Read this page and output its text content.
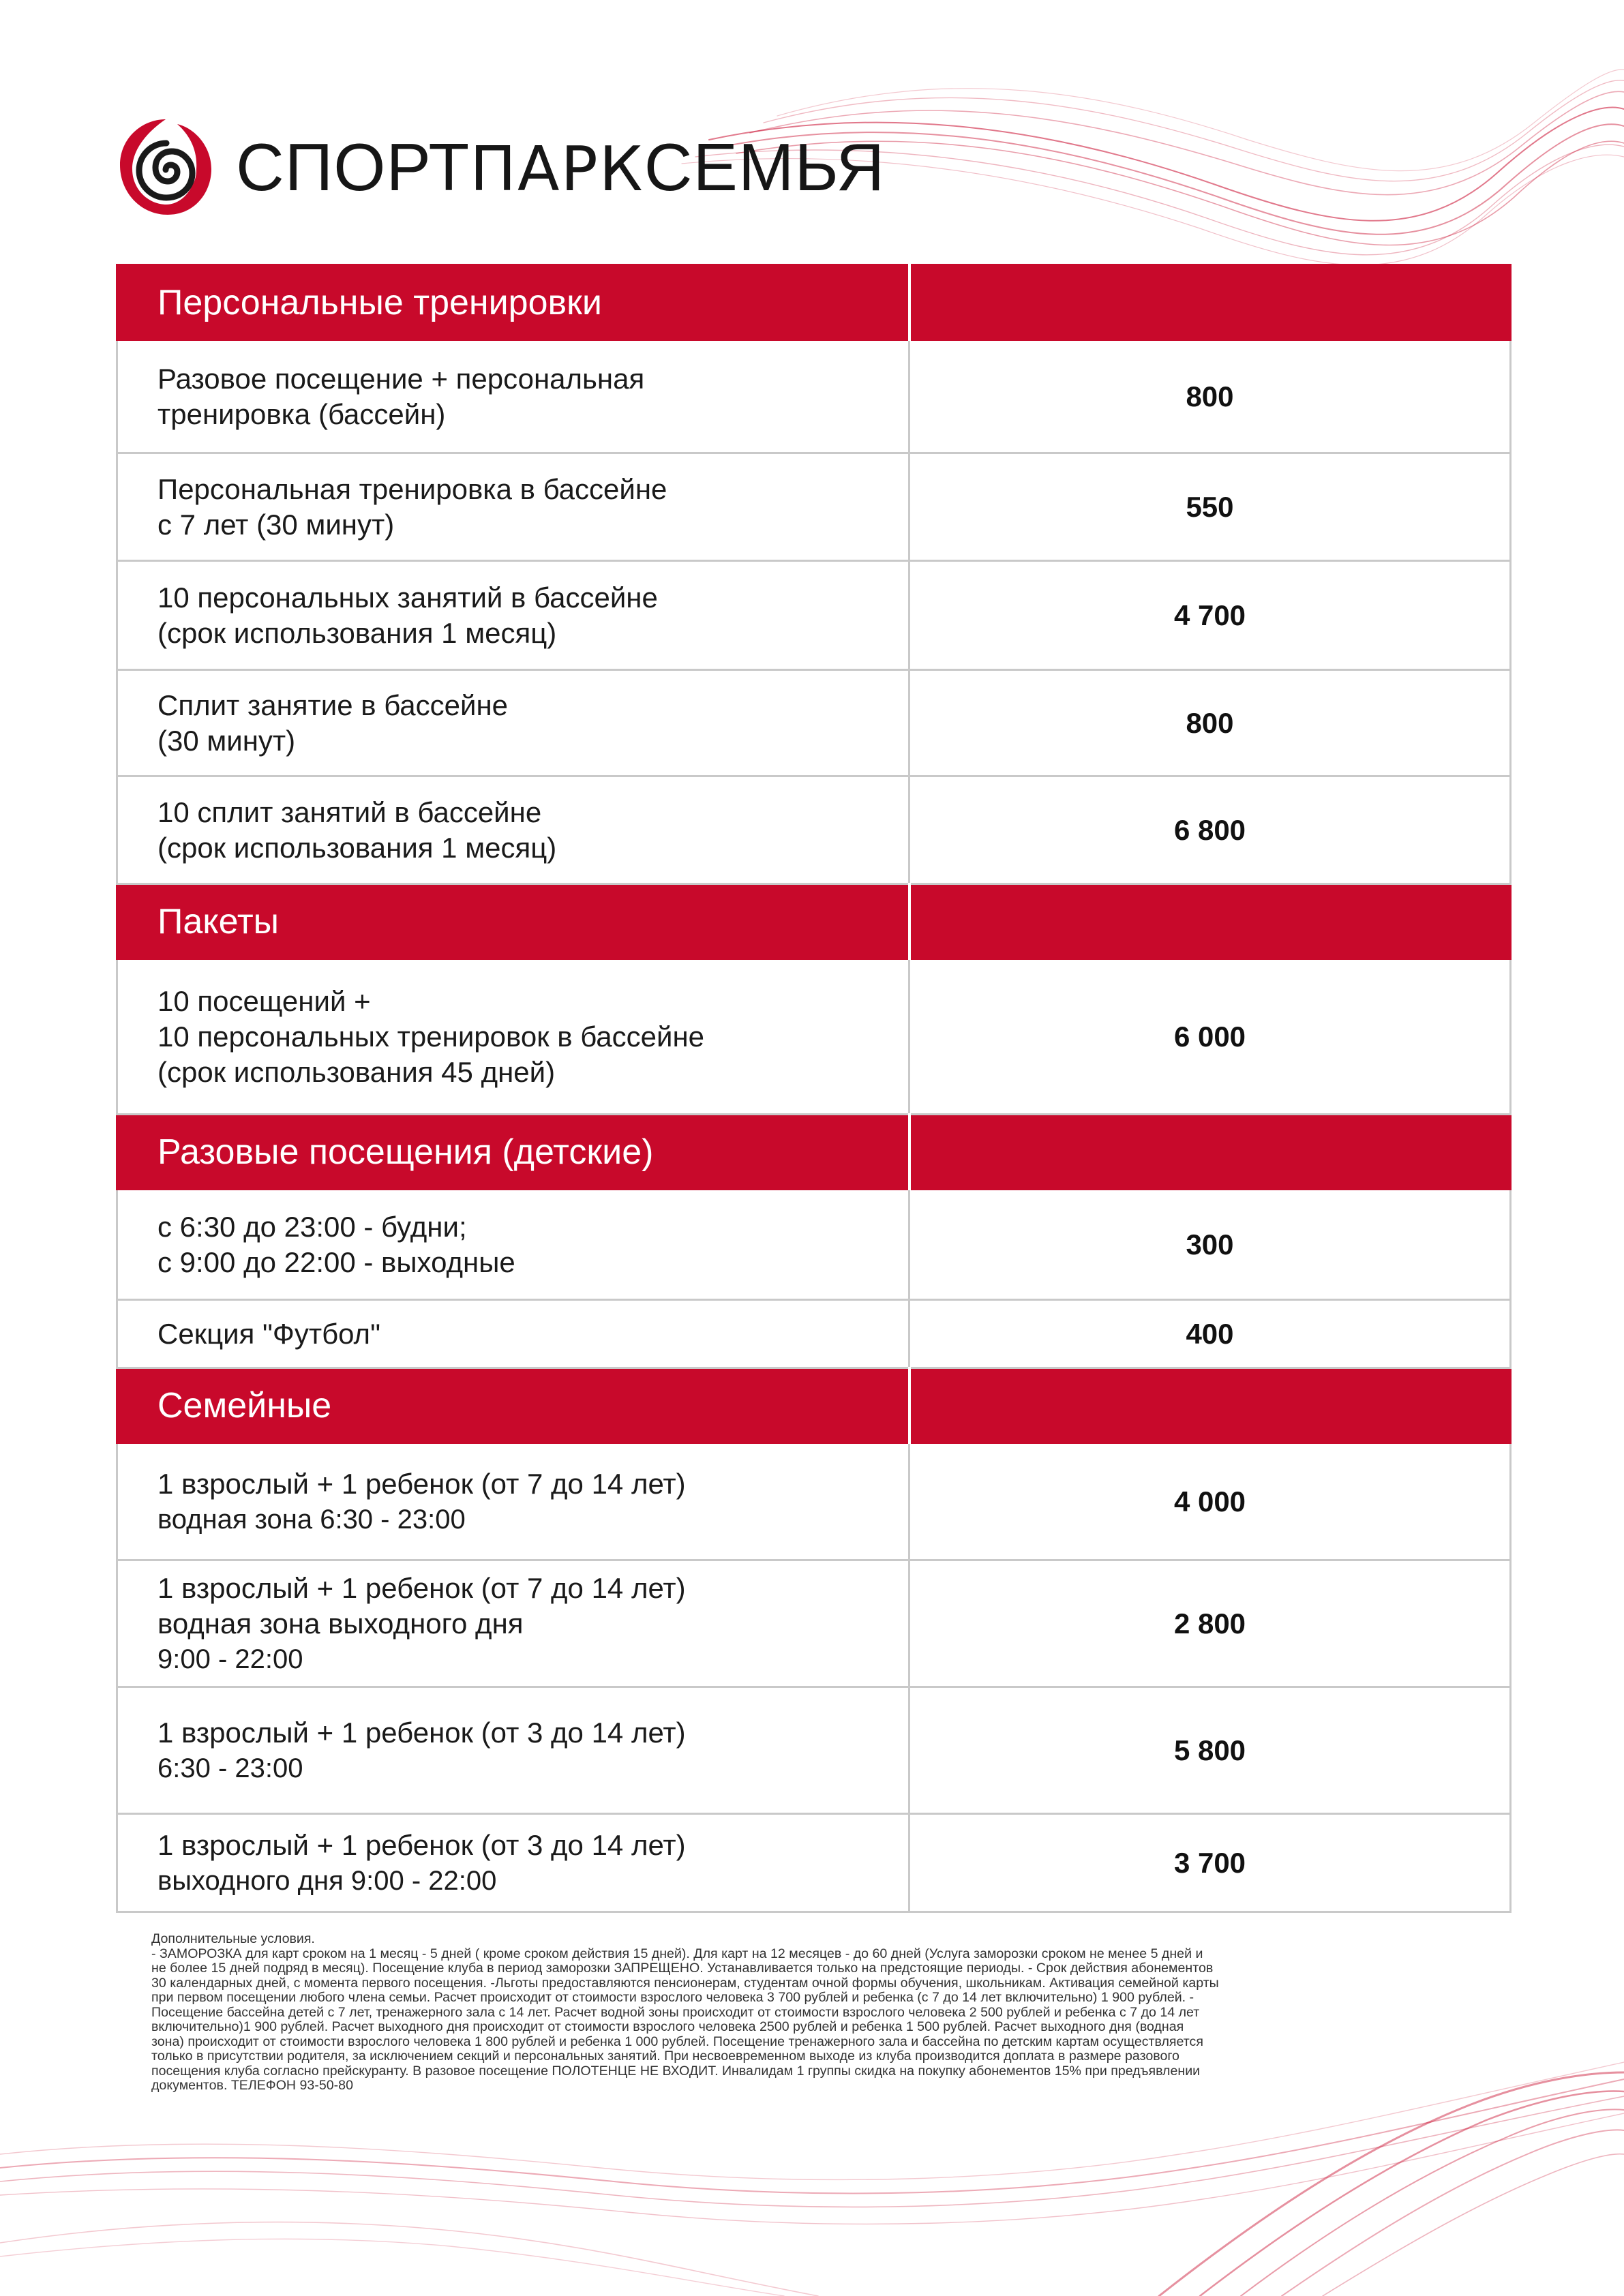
СПОРТПАРКСЕМЬЯ
Персональные тренировки	

Разовое посещение + персональная
тренировка (бассейн)	800

Персональная тренировка в бассейне
с 7 лет (30 минут)	550

10 персональных занятий в бассейне
(срок использования 1 месяц)	4 700

Сплит занятие в бассейне
(30 минут)	800

10 сплит занятий в бассейне
(срок использования 1 месяц)	6 800
Пакеты	

10 посещений +
10 персональных тренировок в бассейне
(срок использования 45 дней)	6 000
Разовые посещения (детские)	

с 6:30 до 23:00 - будни;
с 9:00 до 22:00 - выходные	300

Секция "Футбол"	400
Семейные	

1 взрослый + 1 ребенок (от 7 до 14 лет)
водная зона 6:30 - 23:00	4 000

1 взрослый + 1 ребенок (от 7 до 14 лет)
водная зона выходного дня
9:00 - 22:00	2 800

1 взрослый + 1 ребенок (от 3 до 14 лет)
6:30 - 23:00	5 800

1 взрослый + 1 ребенок (от 3 до 14 лет)
выходного дня 9:00 - 22:00	3 700
Дополнительные условия.
- ЗАМОРОЗКА для карт сроком на 1 месяц - 5 дней ( кроме сроком действия 15 дней). Для карт на 12 месяцев - до 60 дней (Услуга заморозки сроком не менее 5 дней и
не более 15 дней подряд в месяц). Посещение клуба в период заморозки ЗАПРЕЩЕНО. Устанавливается только на предстоящие периоды. - Срок действия абонементов
30 календарных дней, с момента первого посещения. -Льготы предоставляются пенсионерам, студентам очной формы обучения, школьникам. Активация семейной карты
при первом посещении любого члена семьи. Расчет происходит от стоимости взрослого человека 3 700 рублей и ребенка (с 7 до 14 лет включительно) 1 900 рублей. -
Посещение бассейна детей с 7 лет, тренажерного зала с 14 лет. Расчет водной зоны происходит от стоимости взрослого человека 2 500 рублей и ребенка с 7 до 14 лет
включительно)1 900 рублей. Расчет выходного дня происходит от стоимости взрослого человека 2500 рублей и ребенка 1 500 рублей. Расчет выходного дня (водная
зона) происходит от стоимости взрослого человека 1 800 рублей и ребенка 1 000 рублей. Посещение тренажерного зала и бассейна по детским картам осуществляется
только в присутствии родителя, за исключением секций и персональных занятий. При несвоевременном выходе из клуба производится доплата в размере разового
посещения клуба согласно прейскуранту. В разовое посещение ПОЛОТЕНЦЕ НЕ ВХОДИТ. Инвалидам 1 группы скидка на покупку абонементов 15% при предъявлении
документов. ТЕЛЕФОН 93-50-80
